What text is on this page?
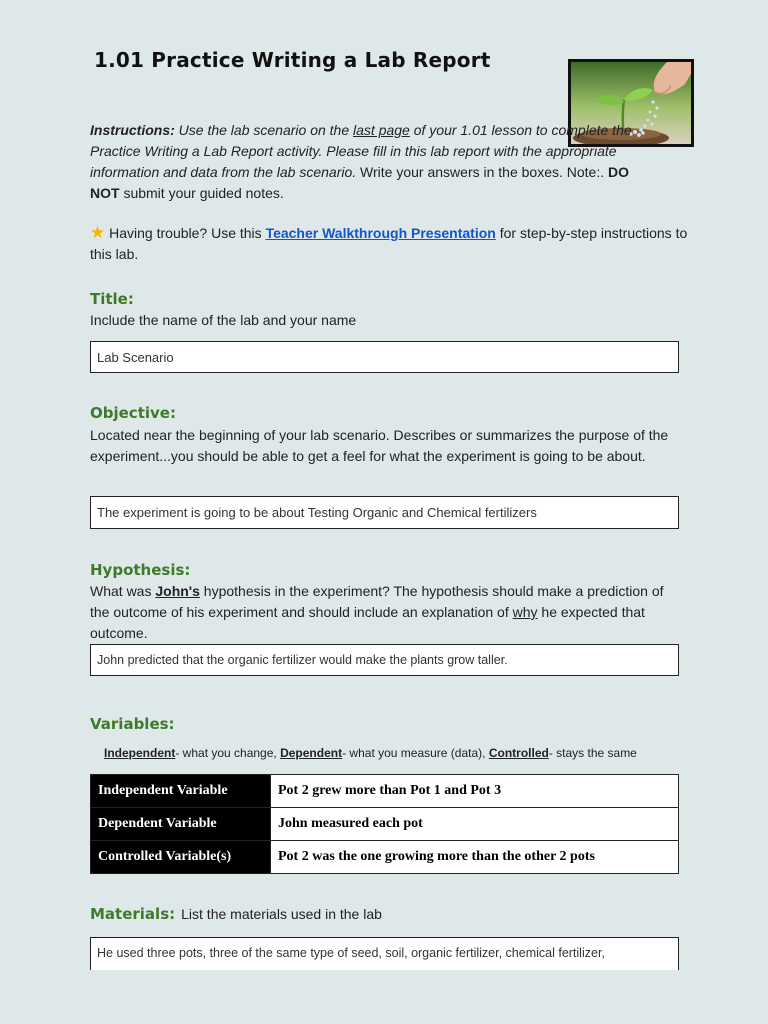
1.01 Practice Writing a Lab Report

Instructions: Use the lab scenario on the last page of your 1.01 lesson to complete the Practice Writing a Lab Report activity. Please fill in this lab report with the appropriate information and data from the lab scenario. Write your answers in the boxes. Note:. DO NOT submit your guided notes.

★ Having trouble? Use this Teacher Walkthrough Presentation for step-by-step instructions to this lab.

Title:

Include the name of the lab and your name

Lab Scenario
Objective:

Located near the beginning of your lab scenario. Describes or summarizes the purpose of the experiment...you should be able to get a feel for what the experiment is going to be about.

The experiment is going to be about Testing Organic and Chemical fertilizers
Hypothesis:

What was John's hypothesis in the experiment? The hypothesis should make a prediction of the outcome of his experiment and should include an explanation of why he expected that outcome.

John predicted that the organic fertilizer would make the plants grow taller.
Variables:

Independent- what you change, Dependent- what you measure (data), Controlled- stays the same

Independent Variable	Pot 2 grew more than Pot 1 and Pot 3
Dependent Variable	John measured each pot
Controlled Variable(s)	Pot 2 was the one growing more than the other 2 pots
Materials: List the materials used in the lab
He used three pots, three of the same type of seed, soil, organic fertilizer, chemical fertilizer,
